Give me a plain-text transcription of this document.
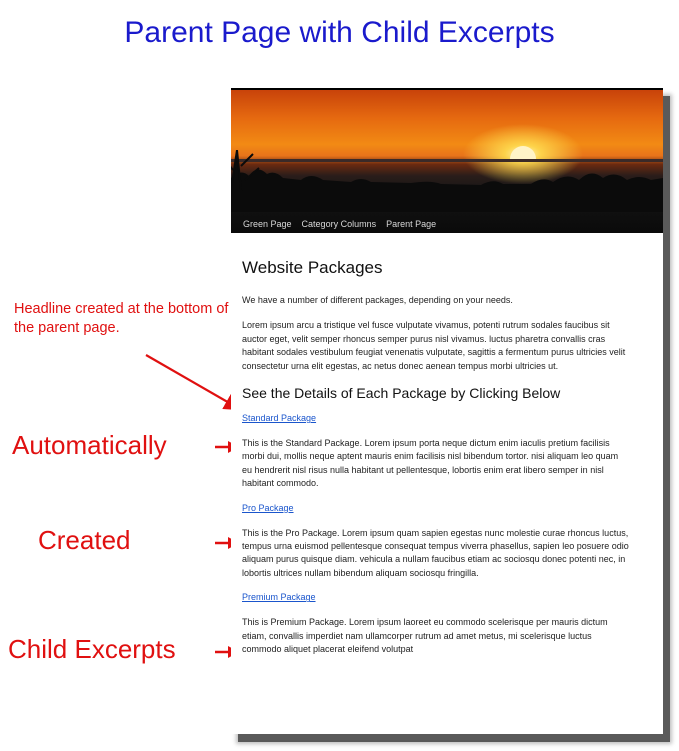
Parent Page with Child Excerpts
Headline created at the bottom of the parent page.
Automatically
Created
Child Excerpts
Green Page Category Columns Parent Page
Website Packages

We have a number of different packages, depending on your needs.

Lorem ipsum arcu a tristique vel fusce vulputate vivamus, potenti rutrum sodales faucibus sit auctor eget, velit semper rhoncus semper purus nisl vivamus. luctus pharetra convallis cras habitant sodales vestibulum feugiat venenatis vulputate, sagittis a fermentum purus ultricies velit consectetur urna elit egestas, ac netus donec aenean tempus morbi ultricies ut.

See the Details of Each Package by Clicking Below
Standard Package

This is the Standard Package. Lorem ipsum porta neque dictum enim iaculis pretium facilisis morbi dui, mollis neque aptent mauris enim facilisis nisl bibendum tortor. nisi aliquam leo quam eu hendrerit nisl risus nulla habitant ut pellentesque, lobortis enim erat libero semper in nisl habitant commodo.

Pro Package

This is the Pro Package. Lorem ipsum quam sapien egestas nunc molestie curae rhoncus luctus, tempus urna euismod pellentesque consequat tempus viverra phasellus, sapien leo posuere odio aliquam purus quisque diam. vehicula a nullam faucibus etiam ac sociosqu donec potenti nec, in lobortis ultrices nullam bibendum aliquam sociosqu fringilla.

Premium Package

This is Premium Package. Lorem ipsum laoreet eu commodo scelerisque per mauris dictum etiam, convallis imperdiet nam ullamcorper rutrum ad amet metus, mi scelerisque luctus commodo aliquet placerat eleifend volutpat
